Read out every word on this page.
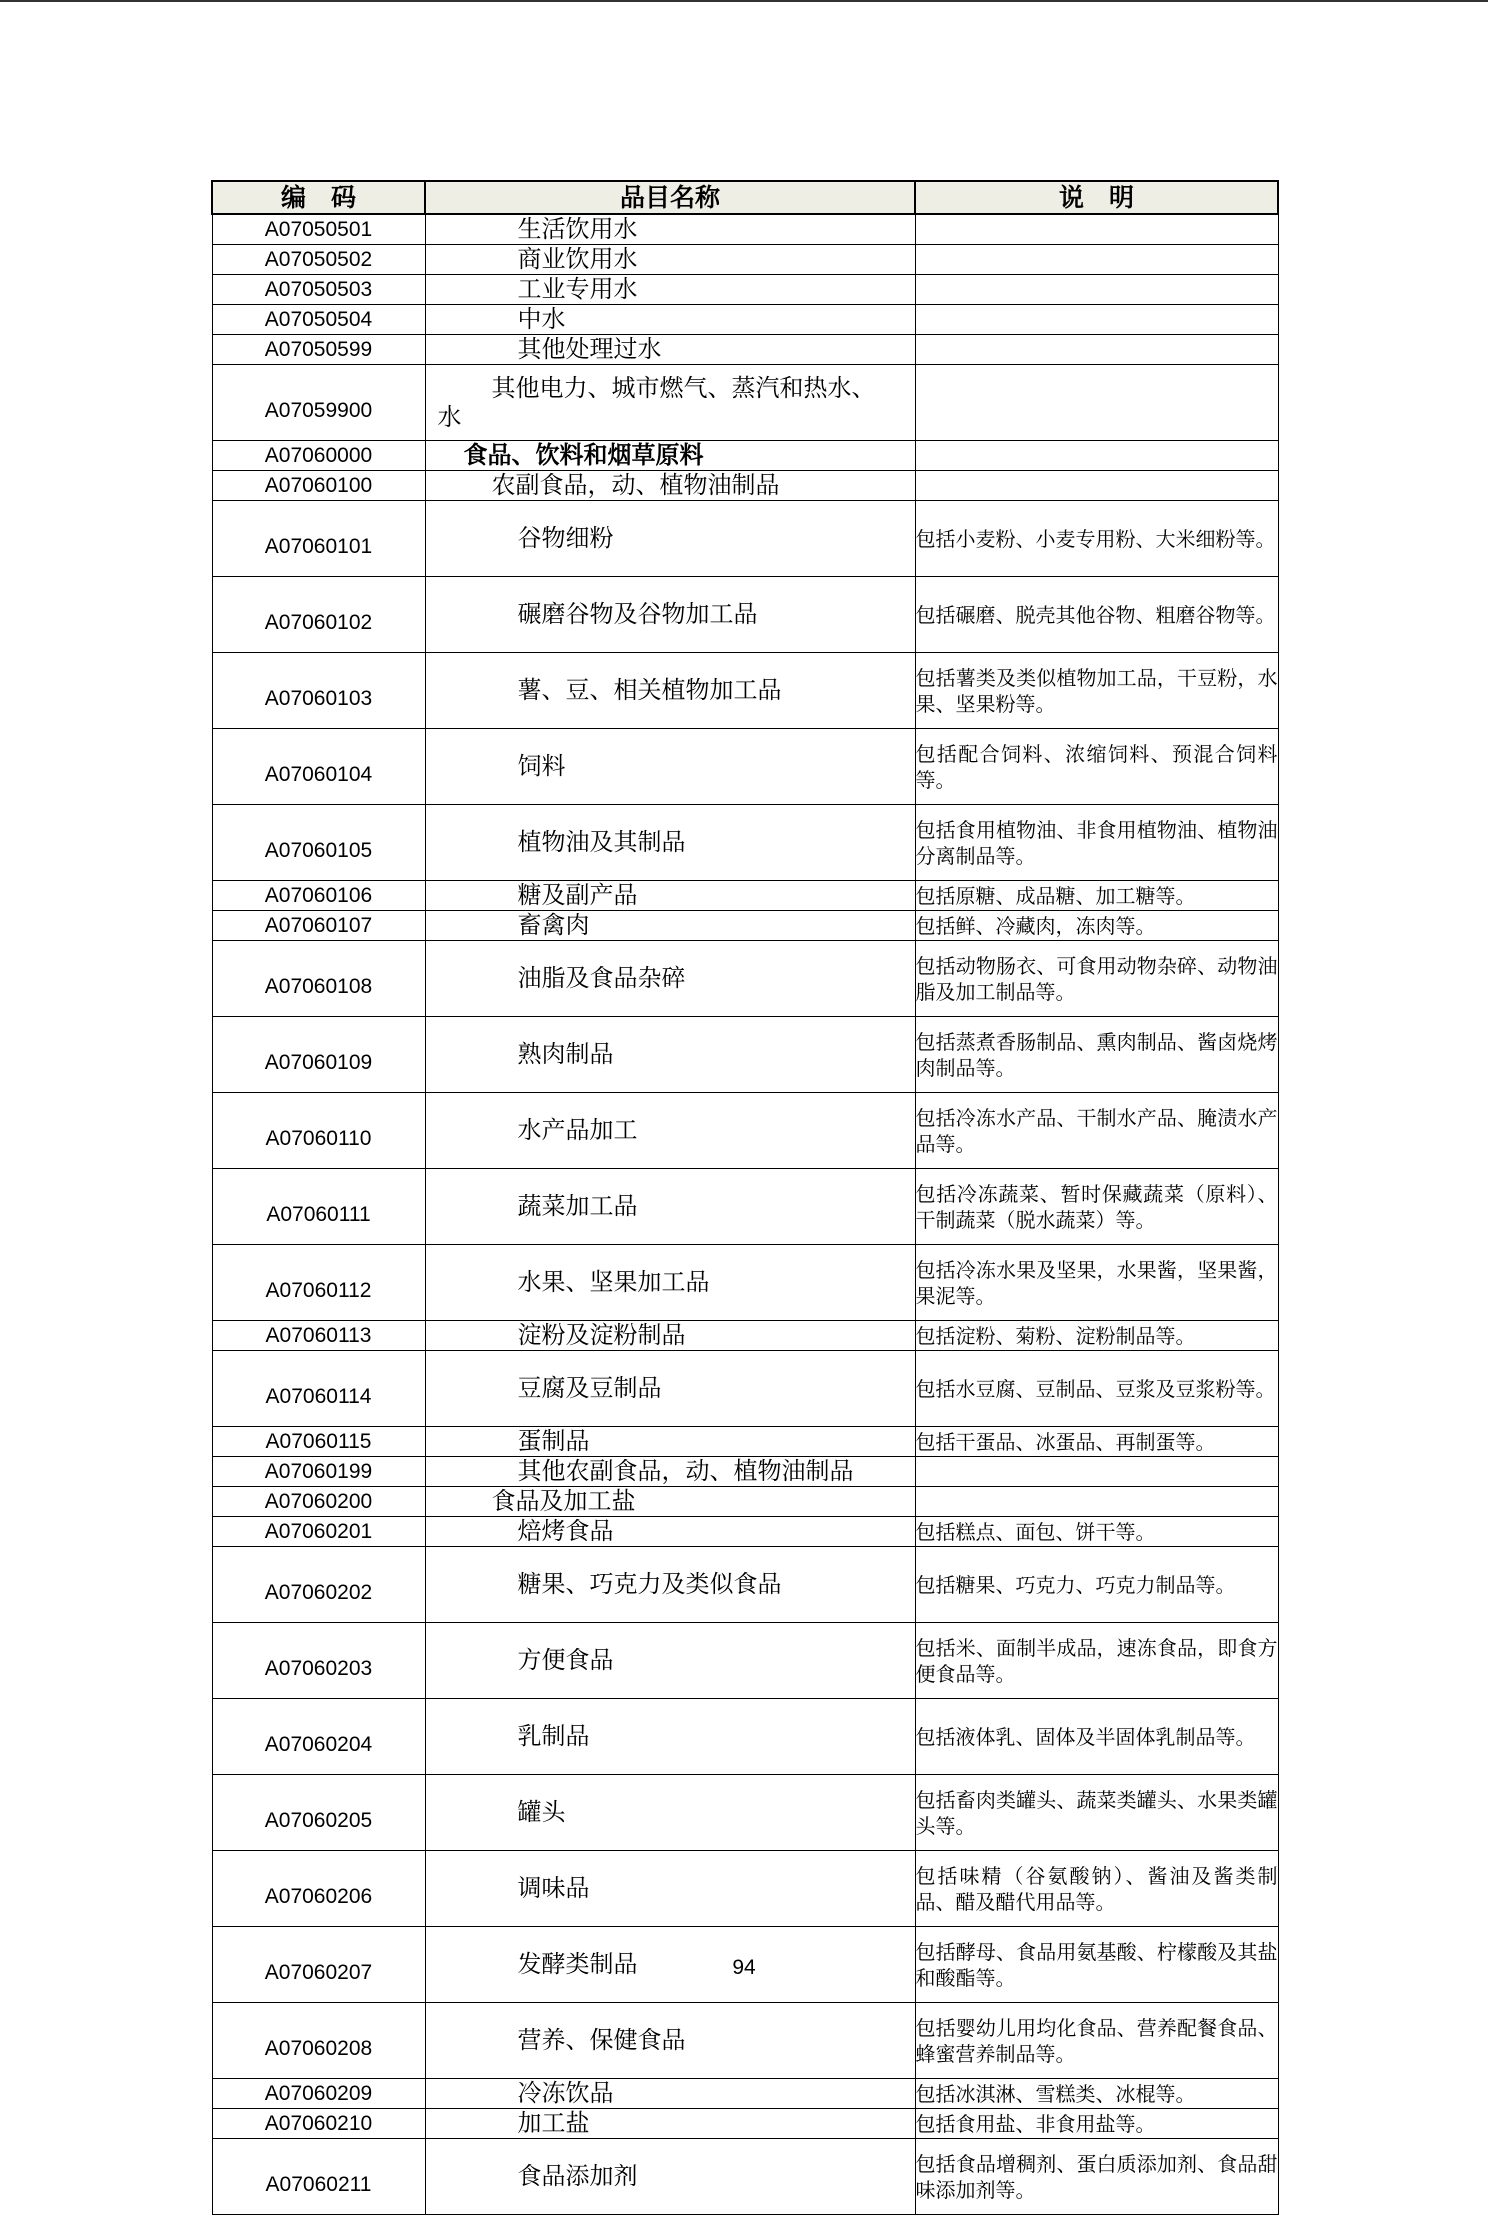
编　码	品目名称	说　明
A07050501	生活饮用水	

A07050502	商业饮用水	

A07050503	工业专用水	

A07050504	中水	

A07050599	其他处理过水	

A07059900	其他电力、城市燃气、蒸汽和热水、
水	

A07060000	食品、饮料和烟草原料	

A07060100	农副食品，动、植物油制品	

A07060101	谷物细粉	包括小麦粉、小麦专用粉、大米细粉等。
A07060102	碾磨谷物及谷物加工品	包括碾磨、脱壳其他谷物、粗磨谷物等。
A07060103	薯、豆、相关植物加工品	包括薯类及类似植物加工品，干豆粉，水果、坚果粉等。
A07060104	饲料	包括配合饲料、浓缩饲料、预混合饲料等。
A07060105	植物油及其制品	包括食用植物油、非食用植物油、植物油分离制品等。
A07060106	糖及副产品	包括原糖、成品糖、加工糖等。
A07060107	畜禽肉	包括鲜、冷藏肉，冻肉等。
A07060108	油脂及食品杂碎	包括动物肠衣、可食用动物杂碎、动物油脂及加工制品等。
A07060109	熟肉制品	包括蒸煮香肠制品、熏肉制品、酱卤烧烤肉制品等。
A07060110	水产品加工	包括冷冻水产品、干制水产品、腌渍水产品等。
A07060111	蔬菜加工品	包括冷冻蔬菜、暂时保藏蔬菜（原料）、干制蔬菜（脱水蔬菜）等。
A07060112	水果、坚果加工品	包括冷冻水果及坚果，水果酱，坚果酱，果泥等。
A07060113	淀粉及淀粉制品	包括淀粉、菊粉、淀粉制品等。
A07060114	豆腐及豆制品	包括水豆腐、豆制品、豆浆及豆浆粉等。
A07060115	蛋制品	包括干蛋品、冰蛋品、再制蛋等。
A07060199	其他农副食品，动、植物油制品	

A07060200	食品及加工盐	

A07060201	焙烤食品	包括糕点、面包、饼干等。
A07060202	糖果、巧克力及类似食品	包括糖果、巧克力、巧克力制品等。
A07060203	方便食品	包括米、面制半成品，速冻食品，即食方便食品等。
A07060204	乳制品	包括液体乳、固体及半固体乳制品等。
A07060205	罐头	包括畜肉类罐头、蔬菜类罐头、水果类罐头等。
A07060206	调味品	包括味精（谷氨酸钠）、酱油及酱类制品、醋及醋代用品等。
A07060207	发酵类制品	包括酵母、食品用氨基酸、柠檬酸及其盐和酸酯等。
A07060208	营养、保健食品	包括婴幼儿用均化食品、营养配餐食品、蜂蜜营养制品等。
A07060209	冷冻饮品	包括冰淇淋、雪糕类、冰棍等。
A07060210	加工盐	包括食用盐、非食用盐等。
A07060211	食品添加剂	包括食品增稠剂、蛋白质添加剂、食品甜味添加剂等。
94
